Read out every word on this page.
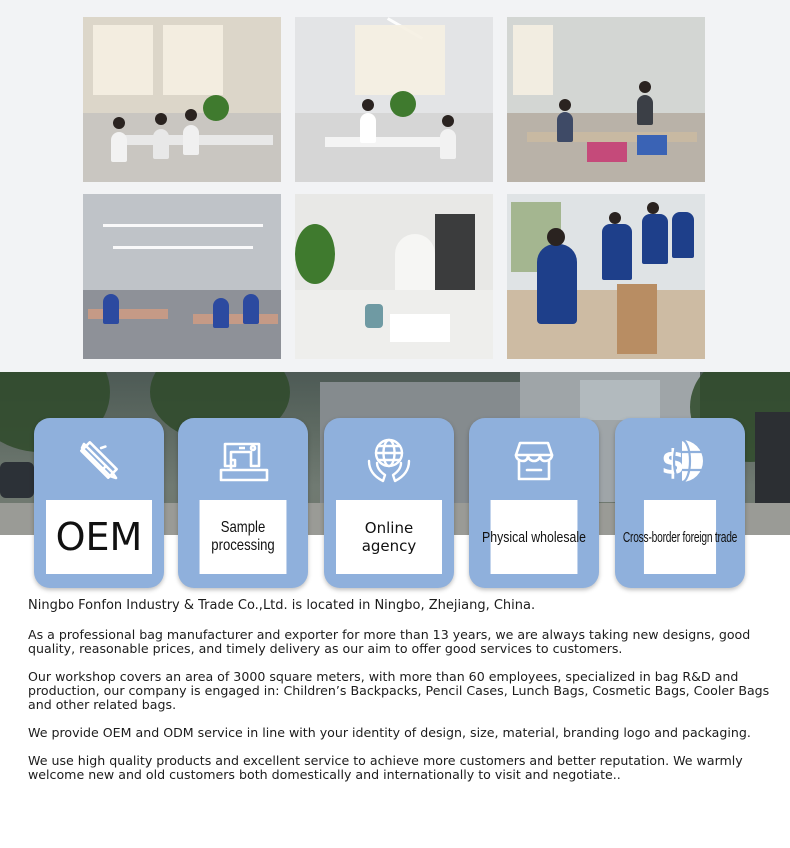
OEM	Sample processing
Online agency	Physical wholesale
$
Cross-border foreign trade

Ningbo Fonfon Industry & Trade Co.,Ltd. is located in Ningbo, Zhejiang, China.

As a professional bag manufacturer and exporter for more than 13 years, we are always taking new designs, good quality, reasonable prices, and timely delivery as our aim to offer good services to customers.

Our workshop covers an area of 3000 square meters, with more than 60 employees, specialized in bag R&D and production, our company is engaged in: Children’s Backpacks, Pencil Cases, Lunch Bags, Cosmetic Bags, Cooler Bags and other related bags.

We provide OEM and ODM service in line with your identity of design, size, material, branding logo and packaging.

We use high quality products and excellent service to achieve more customers and better reputation. We warmly welcome new and old customers both domestically and internationally to visit and negotiate..
